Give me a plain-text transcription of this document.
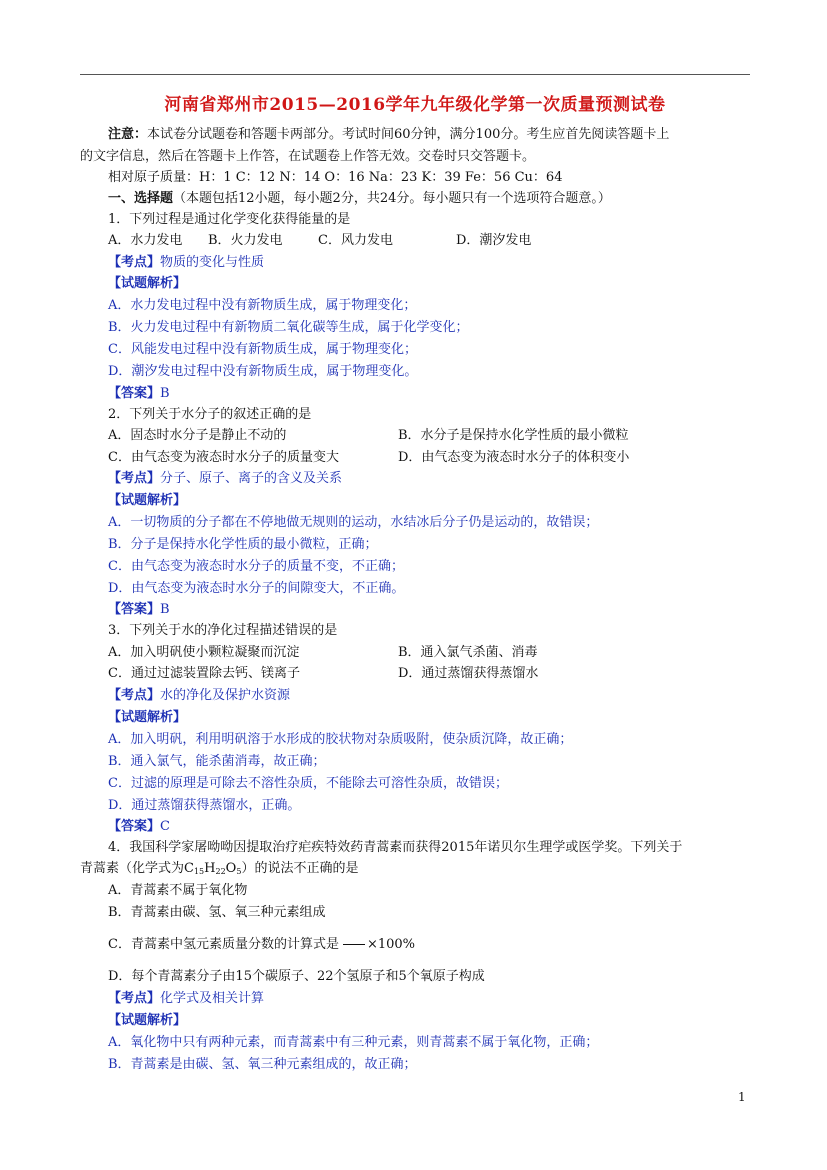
河南省郑州市2015—2016学年九年级化学第一次质量预测试卷
注意：本试卷分试题卷和答题卡两部分。考试时间60分钟，满分100分。考生应首先阅读答题卡上
的文字信息，然后在答题卡上作答，在试题卷上作答无效。交卷时只交答题卡。
相对原子质量：H：1 C：12 N：14 O：16 Na：23 K：39 Fe：56 Cu：64
一、选择题（本题包括12小题，每小题2分，共24分。每小题只有一个选项符合题意。）
1．下列过程是通过化学变化获得能量的是
A．水力发电 B．火力发电	C．风力发电	D．潮汐发电
【考点】物质的变化与性质
【试题解析】
A．水力发电过程中没有新物质生成，属于物理变化；
B．火力发电过程中有新物质二氧化碳等生成，属于化学变化；
C．风能发电过程中没有新物质生成，属于物理变化；
D．潮汐发电过程中没有新物质生成，属于物理变化。
【答案】B
2．下列关于水分子的叙述正确的是
A．固态时水分子是静止不动的	B．水分子是保持水化学性质的最小微粒
C．由气态变为液态时水分子的质量变大	D．由气态变为液态时水分子的体积变小
【考点】分子、原子、离子的含义及关系
【试题解析】
A．一切物质的分子都在不停地做无规则的运动，水结冰后分子仍是运动的，故错误；
B．分子是保持水化学性质的最小微粒，正确；
C．由气态变为液态时水分子的质量不变，不正确；
D．由气态变为液态时水分子的间隙变大，不正确。
【答案】B
3．下列关于水的净化过程描述错误的是
A．加入明矾使小颗粒凝聚而沉淀	B．通入氯气杀菌、消毒
C．通过过滤装置除去钙、镁离子	D．通过蒸馏获得蒸馏水
【考点】水的净化及保护水资源
【试题解析】
A．加入明矾，利用明矾溶于水形成的胶状物对杂质吸附，使杂质沉降，故正确；
B．通入氯气，能杀菌消毒，故正确；
C．过滤的原理是可除去不溶性杂质，不能除去可溶性杂质，故错误；
D．通过蒸馏获得蒸馏水，正确。
【答案】C
4．我国科学家屠呦呦因提取治疗疟疾特效药青蒿素而获得2015年诺贝尔生理学或医学奖。下列关于
青蒿素（化学式为$C_{15}H_{22}O_5$）的说法不正确的是
A．青蒿素不属于氧化物
B．青蒿素由碳、氢、氧三种元素组成
C．青蒿素中氢元素质量分数的计算式是 ×100%
D．每个青蒿素分子由15个碳原子、22个氢原子和5个氧原子构成
【考点】化学式及相关计算
【试题解析】
A．氧化物中只有两种元素，而青蒿素中有三种元素，则青蒿素不属于氧化物，正确；
B．青蒿素是由碳、氢、氧三种元素组成的，故正确；
1
